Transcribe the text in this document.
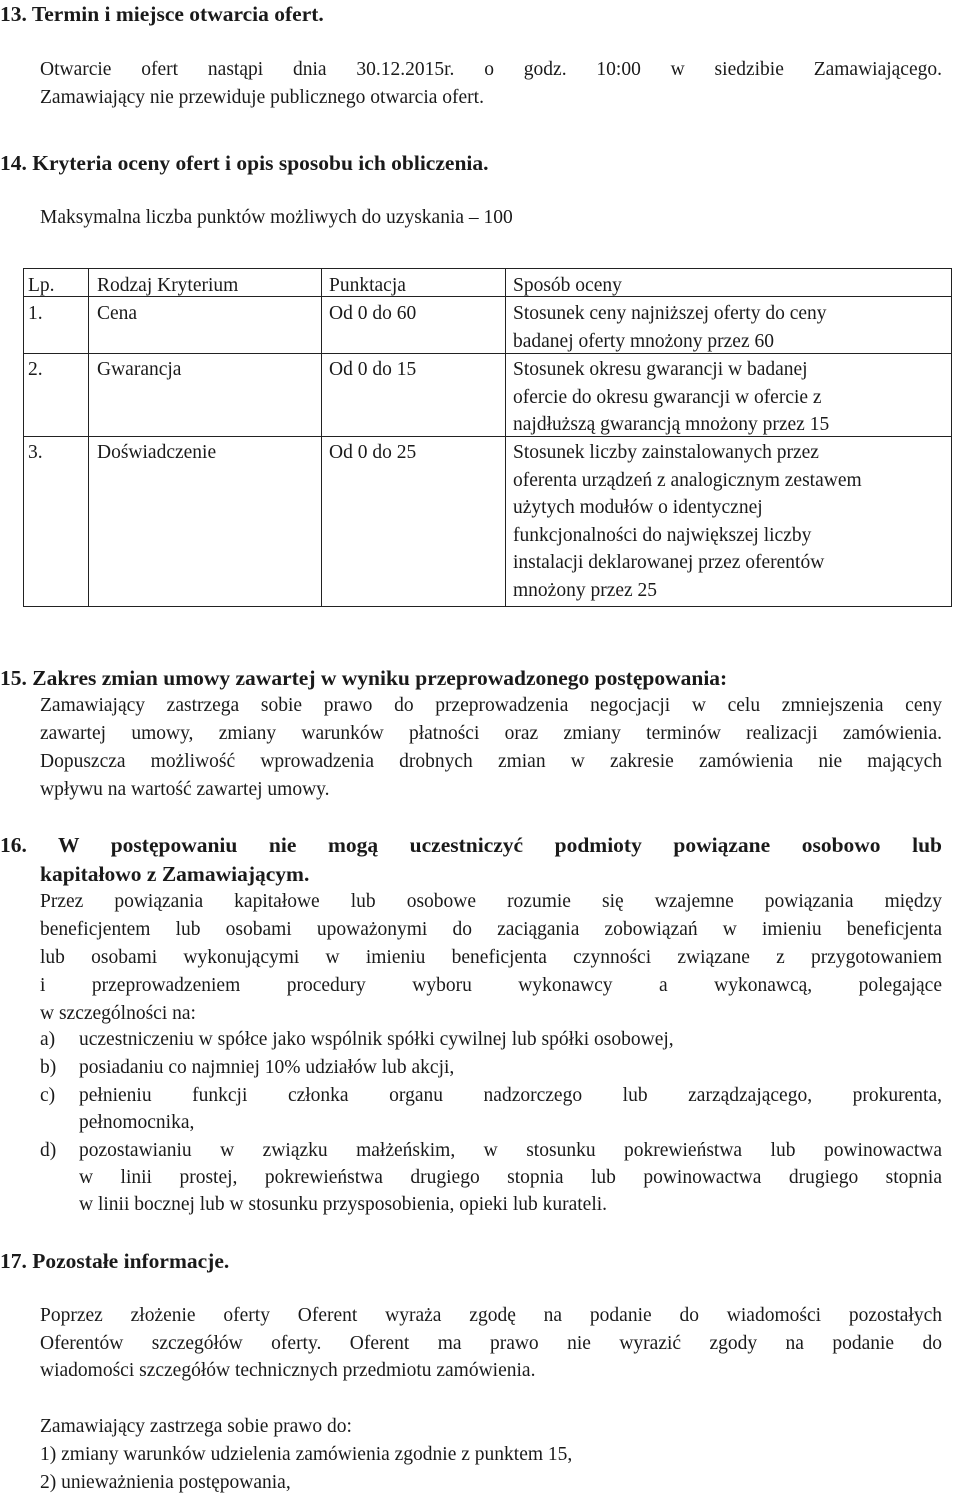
13. Termin i miejsce otwarcia ofert.
Otwarcie ofert nastąpi dnia 30.12.2015r. o godz. 10:00 w siedzibie Zamawiającego.
Zamawiający nie przewiduje publicznego otwarcia ofert.
14. Kryteria oceny ofert i opis sposobu ich obliczenia.
Maksymalna liczba punktów możliwych do uzyskania – 100
Lp. Rodzaj Kryterium	Punktacja	Sposób oceny
1.	Cena	Od 0 do 60	Stosunek ceny najniższej oferty do ceny
badanej oferty mnożony przez 60
2.	Gwarancja	Od 0 do 15	Stosunek okresu gwarancji w badanej
ofercie do okresu gwarancji w ofercie z
najdłuższą gwarancją mnożony przez 15
3.	Doświadczenie	Od 0 do 25	Stosunek liczby zainstalowanych przez
oferenta urządzeń z analogicznym zestawem
użytych modułów o identycznej
funkcjonalności do największej liczby
instalacji deklarowanej przez oferentów
mnożony przez 25
15. Zakres zmian umowy zawartej w wyniku przeprowadzonego postępowania:
Zamawiający zastrzega sobie prawo do przeprowadzenia negocjacji w celu zmniejszenia ceny
zawartej umowy, zmiany warunków płatności oraz zmiany terminów realizacji zamówienia.
Dopuszcza możliwość wprowadzenia drobnych zmian w zakresie zamówienia nie mających
wpływu na wartość zawartej umowy.
16. W postępowaniu nie mogą uczestniczyć podmioty powiązane osobowo lub
kapitałowo z Zamawiającym.
Przez powiązania kapitałowe lub osobowe rozumie się wzajemne powiązania między
beneficjentem lub osobami upoważonymi do zaciągania zobowiązań w imieniu beneficjenta
lub osobami wykonującymi w imieniu beneficjenta czynności związane z przygotowaniem
i przeprowadzeniem procedury wyboru wykonawcy a wykonawcą, polegające
w szczególności na:
a) uczestniczeniu w spółce jako wspólnik spółki cywilnej lub spółki osobowej,
b) posiadaniu co najmniej 10% udziałów lub akcji,
c) pełnieniu funkcji członka organu nadzorczego lub zarządzającego, prokurenta,
pełnomocnika,
d) pozostawianiu w związku małżeńskim, w stosunku pokrewieństwa lub powinowactwa
w linii prostej, pokrewieństwa drugiego stopnia lub powinowactwa drugiego stopnia
w linii bocznej lub w stosunku przysposobienia, opieki lub kurateli.
17. Pozostałe informacje.
Poprzez złożenie oferty Oferent wyraża zgodę na podanie do wiadomości pozostałych
Oferentów szczegółów oferty. Oferent ma prawo nie wyrazić zgody na podanie do
wiadomości szczegółów technicznych przedmiotu zamówienia.
Zamawiający zastrzega sobie prawo do:
1) zmiany warunków udzielenia zamówienia zgodnie z punktem 15,
2) unieważnienia postępowania,
